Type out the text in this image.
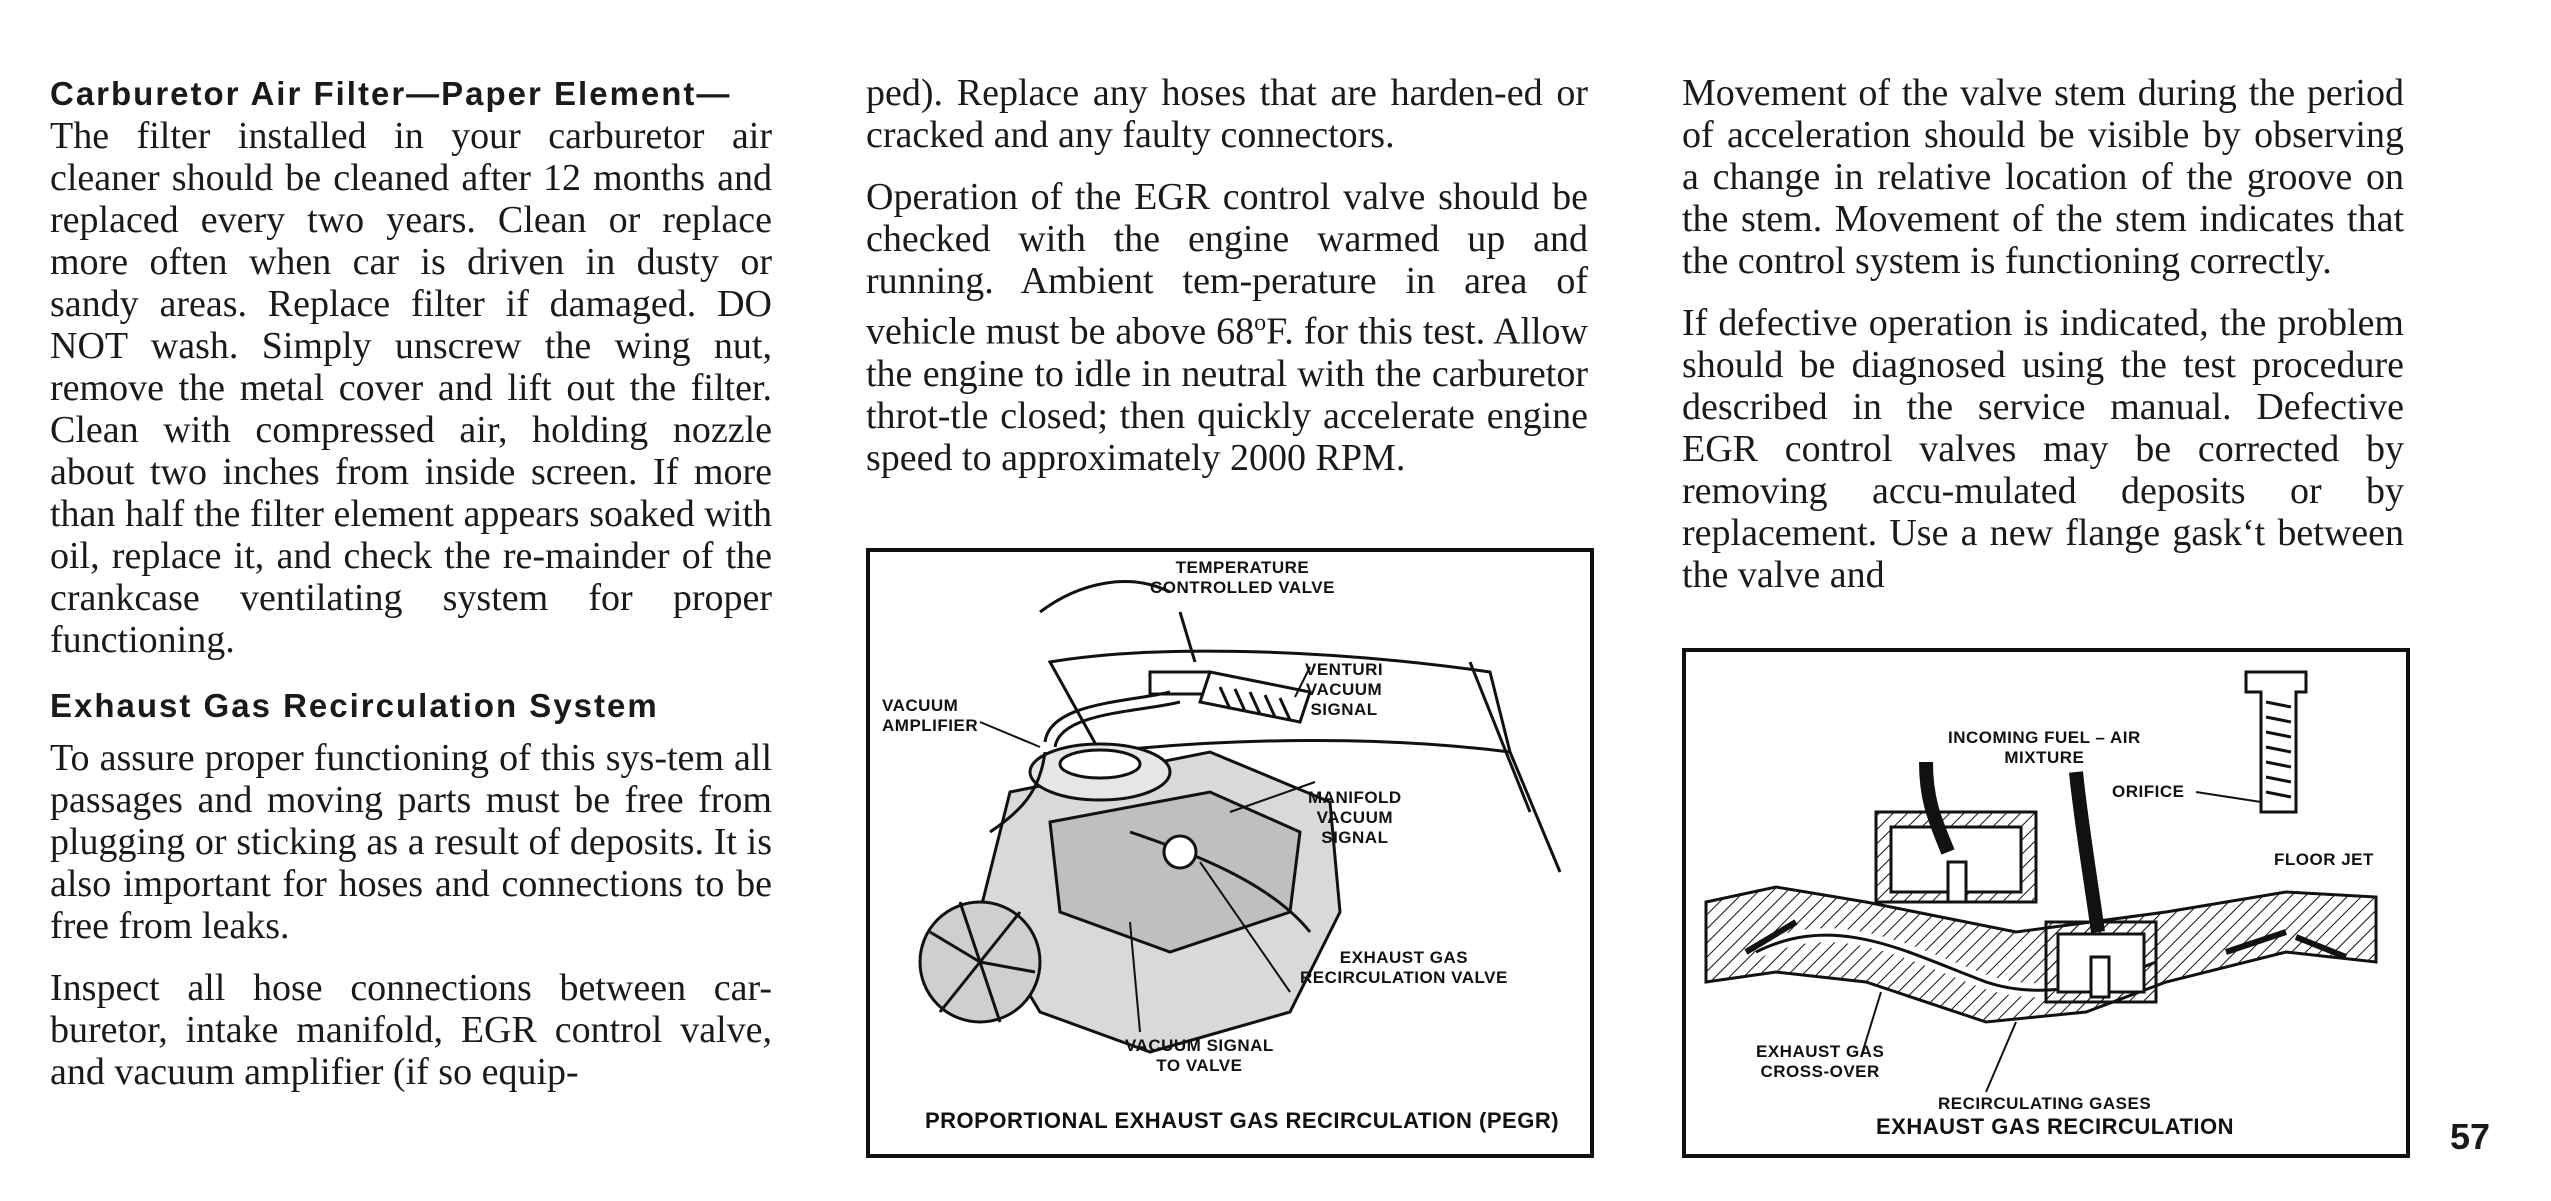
Carburetor Air Filter—Paper Element—
The filter installed in your carburetor air cleaner should be cleaned after 12 months and replaced every two years. Clean or replace more often when car is driven in dusty or sandy areas. Replace filter if damaged. DO NOT wash. Simply unscrew the wing nut, remove the metal cover and lift out the filter. Clean with compressed air, holding nozzle about two inches from inside screen. If more than half the filter element appears soaked with oil, replace it, and check the re-mainder of the crankcase ventilating system for proper functioning.

Exhaust Gas Recirculation System

To assure proper functioning of this sys-tem all passages and moving parts must be free from plugging or sticking as a result of deposits. It is also important for hoses and connections to be free from leaks.

Inspect all hose connections between car-buretor, intake manifold, EGR control valve, and vacuum amplifier (if so equip-

ped). Replace any hoses that are harden-ed or cracked and any faulty connectors.

Operation of the EGR control valve should be checked with the engine warmed up and running. Ambient tem-perature in area of vehicle must be above 68$^o$F. for this test. Allow the engine to idle in neutral with the carburetor throt-tle closed; then quickly accelerate engine speed to approximately 2000 RPM.

Movement of the valve stem during the period of acceleration should be visible by observing a change in relative location of the groove on the stem. Movement of the stem indicates that the control system is functioning correctly.

If defective operation is indicated, the problem should be diagnosed using the test procedure described in the service manual. Defective EGR control valves may be corrected by removing accu-mulated deposits or by replacement. Use a new flange gaskʻt between the valve and

TEMPERATURE
CONTROLLED VALVE
VENTURI
VACUUM
SIGNAL
VACUUM
AMPLIFIER
MANIFOLD
VACUUM
SIGNAL
EXHAUST GAS
RECIRCULATION VALVE
VACUUM SIGNAL
TO VALVE
PROPORTIONAL EXHAUST GAS RECIRCULATION (PEGR)
INCOMING FUEL – AIR
MIXTURE
ORIFICE
FLOOR JET
EXHAUST GAS
CROSS-OVER
RECIRCULATING GASES
EXHAUST GAS RECIRCULATION	57
